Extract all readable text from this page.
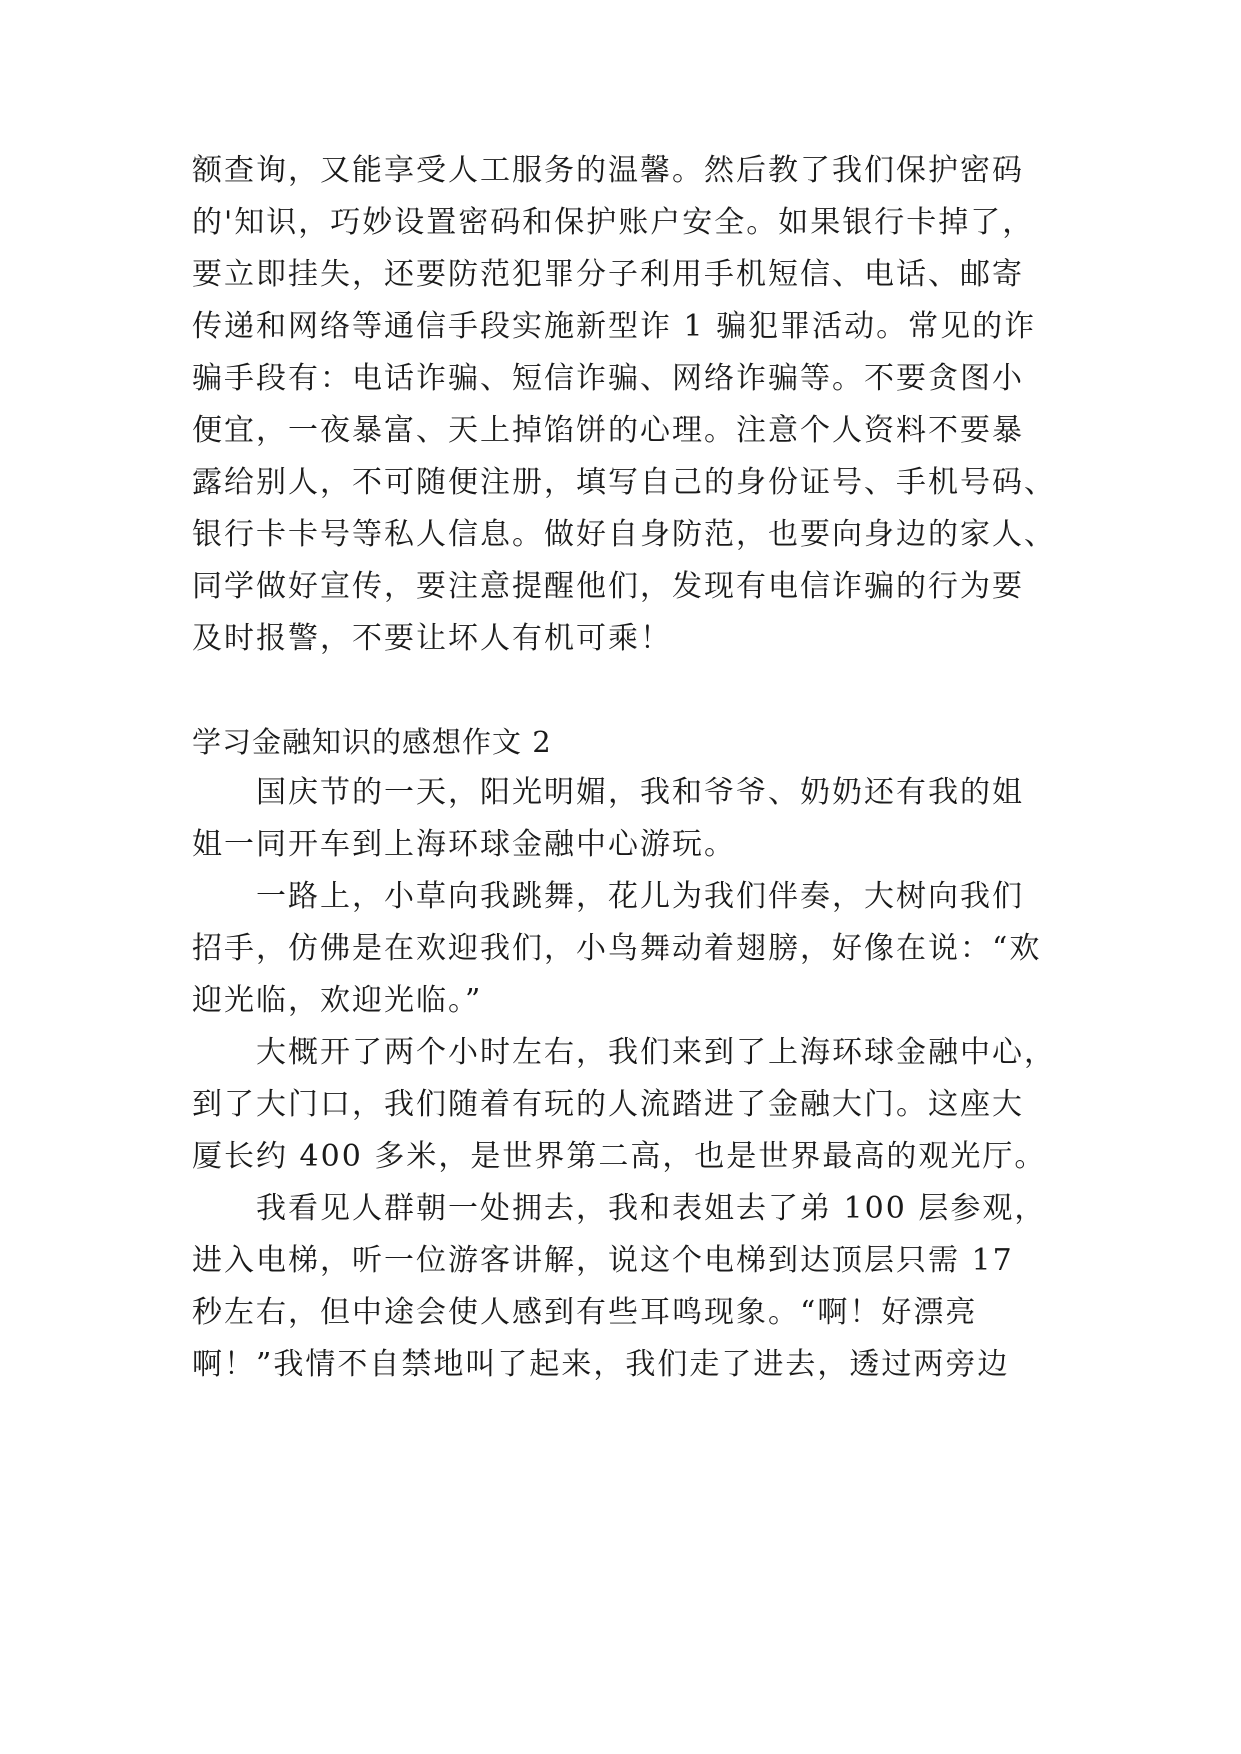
额查询，又能享受人工服务的温馨。然后教了我们保护密码
的'知识，巧妙设置密码和保护账户安全。如果银行卡掉了，
要立即挂失，还要防范犯罪分子利用手机短信、电话、邮寄
传递和网络等通信手段实施新型诈 1 骗犯罪活动。常见的诈
骗手段有：电话诈骗、短信诈骗、网络诈骗等。不要贪图小
便宜，一夜暴富、天上掉馅饼的心理。注意个人资料不要暴
露给别人，不可随便注册，填写自己的身份证号、手机号码、
银行卡卡号等私人信息。做好自身防范，也要向身边的家人、
同学做好宣传，要注意提醒他们，发现有电信诈骗的行为要
及时报警，不要让坏人有机可乘！
学习金融知识的感想作文 2
国庆节的一天，阳光明媚，我和爷爷、奶奶还有我的姐
姐一同开车到上海环球金融中心游玩。
一路上，小草向我跳舞，花儿为我们伴奏，大树向我们
招手，仿佛是在欢迎我们，小鸟舞动着翅膀，好像在说：“欢
迎光临，欢迎光临。”
大概开了两个小时左右，我们来到了上海环球金融中心，
到了大门口，我们随着有玩的人流踏进了金融大门。这座大
厦长约 400 多米，是世界第二高，也是世界最高的观光厅。
我看见人群朝一处拥去，我和表姐去了弟 100 层参观，
进入电梯，听一位游客讲解，说这个电梯到达顶层只需 17
秒左右，但中途会使人感到有些耳鸣现象。“啊！好漂亮
啊！”我情不自禁地叫了起来，我们走了进去，透过两旁边
